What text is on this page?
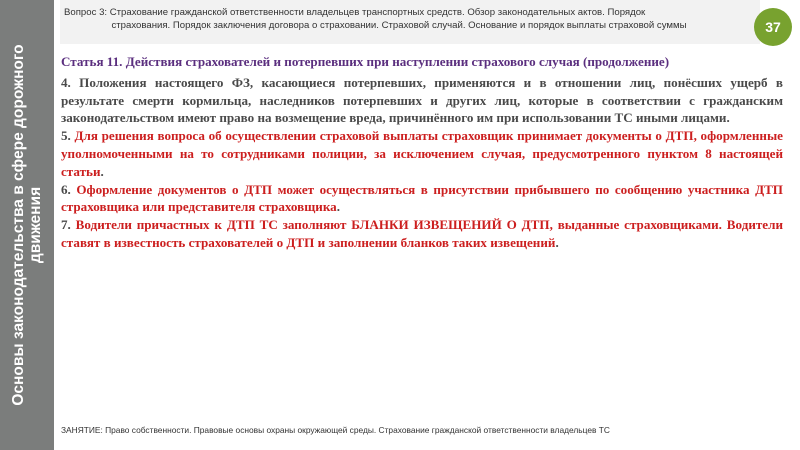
Основы законодательства в сфере дорожного движения
Вопрос 3: Страхование гражданской ответственности владельцев транспортных средств. Обзор законодательных актов. Порядок
страхования. Порядок заключения договора о страховании. Страховой случай. Основание и порядок выплаты страховой суммы	37
Статья 11. Действия страхователей и потерпевших при наступлении страхового случая (продолжение)
4. Положения настоящего ФЗ, касающиеся потерпевших, применяются и в отношении лиц, понёсших ущерб в результате смерти кормильца, наследников потерпевших и других лиц, которые в соответствии с гражданским законодательством имеют право на возмещение вреда, причинённого им при использовании ТС иными лицами.
5. Для решения вопроса об осуществлении страховой выплаты страховщик принимает документы о ДТП, оформленные уполномоченными на то сотрудниками полиции, за исключением случая, предусмотренного пунктом 8 настоящей статьи.
6. Оформление документов о ДТП может осуществляться в присутствии прибывшего по сообщению участника ДТП страховщика или представителя страховщика.
7. Водители причастных к ДТП ТС заполняют БЛАНКИ ИЗВЕЩЕНИЙ О ДТП, выданные страховщиками. Водители ставят в известность страхователей о ДТП и заполнении бланков таких извещений.
ЗАНЯТИЕ: Право собственности. Правовые основы охраны окружающей среды. Страхование гражданской ответственности владельцев ТС
